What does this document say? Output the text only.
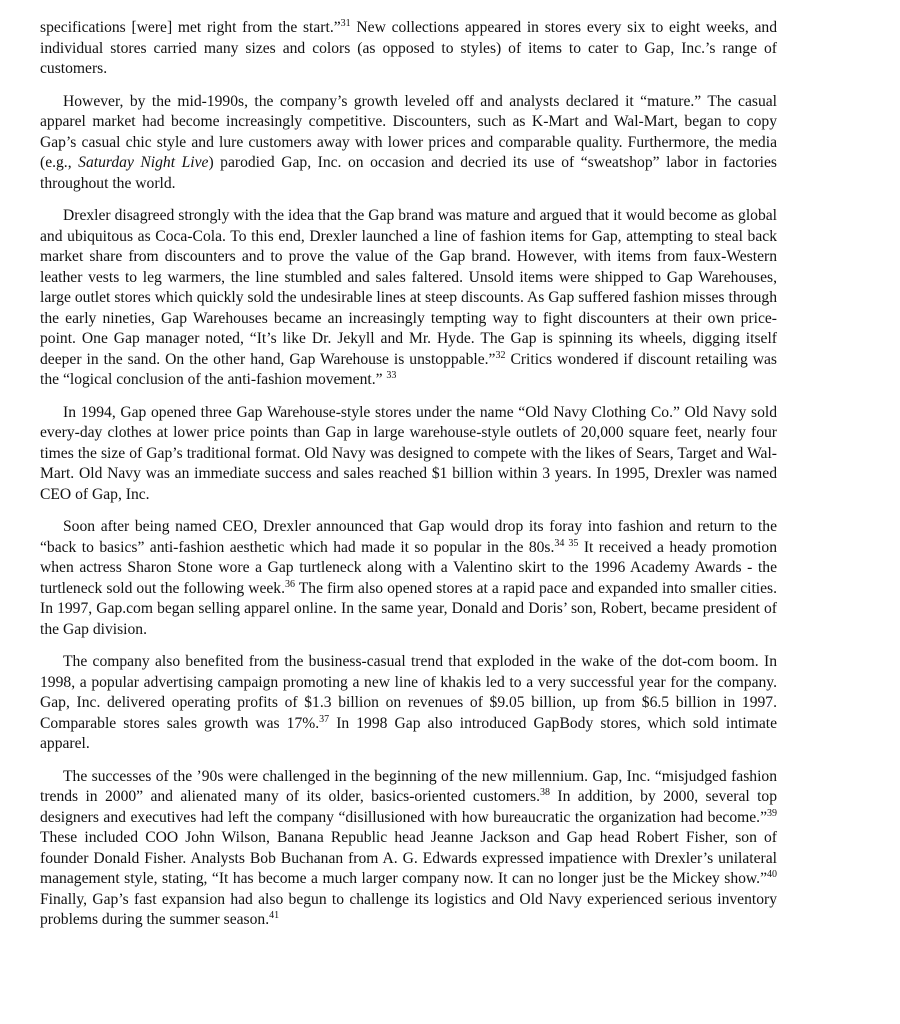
specifications [were] met right from the start.”$^{31}$ New collections appeared in stores every six to eight weeks, and individual stores carried many sizes and colors (as opposed to styles) of items to cater to Gap, Inc.’s range of customers.

However, by the mid-1990s, the company’s growth leveled off and analysts declared it “mature.” The casual apparel market had become increasingly competitive. Discounters, such as K-Mart and Wal-Mart, began to copy Gap’s casual chic style and lure customers away with lower prices and comparable quality. Furthermore, the media (e.g., Saturday Night Live) parodied Gap, Inc. on occasion and decried its use of “sweatshop” labor in factories throughout the world.

Drexler disagreed strongly with the idea that the Gap brand was mature and argued that it would become as global and ubiquitous as Coca-Cola. To this end, Drexler launched a line of fashion items for Gap, attempting to steal back market share from discounters and to prove the value of the Gap brand. However, with items from faux-Western leather vests to leg warmers, the line stumbled and sales faltered. Unsold items were shipped to Gap Warehouses, large outlet stores which quickly sold the undesirable lines at steep discounts. As Gap suffered fashion misses through the early nineties, Gap Warehouses became an increasingly tempting way to fight discounters at their own price-point. One Gap manager noted, “It’s like Dr. Jekyll and Mr. Hyde. The Gap is spinning its wheels, digging itself deeper in the sand. On the other hand, Gap Warehouse is unstoppable.”$^{32}$ Critics wondered if discount retailing was the “logical conclusion of the anti-fashion movement.” $^{33}$

In 1994, Gap opened three Gap Warehouse-style stores under the name “Old Navy Clothing Co.” Old Navy sold every-day clothes at lower price points than Gap in large warehouse-style outlets of 20,000 square feet, nearly four times the size of Gap’s traditional format. Old Navy was designed to compete with the likes of Sears, Target and Wal-Mart. Old Navy was an immediate success and sales reached $1 billion within 3 years. In 1995, Drexler was named CEO of Gap, Inc.

Soon after being named CEO, Drexler announced that Gap would drop its foray into fashion and return to the “back to basics” anti-fashion aesthetic which had made it so popular in the 80s.$^{34 35}$ It received a heady promotion when actress Sharon Stone wore a Gap turtleneck along with a Valentino skirt to the 1996 Academy Awards - the turtleneck sold out the following week.$^{36}$ The firm also opened stores at a rapid pace and expanded into smaller cities. In 1997, Gap.com began selling apparel online. In the same year, Donald and Doris’ son, Robert, became president of the Gap division.

The company also benefited from the business-casual trend that exploded in the wake of the dot-com boom. In 1998, a popular advertising campaign promoting a new line of khakis led to a very successful year for the company. Gap, Inc. delivered operating profits of $1.3 billion on revenues of $9.05 billion, up from $6.5 billion in 1997. Comparable stores sales growth was 17%.$^{37}$ In 1998 Gap also introduced GapBody stores, which sold intimate apparel.

The successes of the ’90s were challenged in the beginning of the new millennium. Gap, Inc. “misjudged fashion trends in 2000” and alienated many of its older, basics-oriented customers.$^{38}$ In addition, by 2000, several top designers and executives had left the company “disillusioned with how bureaucratic the organization had become.”$^{39}$ These included COO John Wilson, Banana Republic head Jeanne Jackson and Gap head Robert Fisher, son of founder Donald Fisher. Analysts Bob Buchanan from A. G. Edwards expressed impatience with Drexler’s unilateral management style, stating, “It has become a much larger company now. It can no longer just be the Mickey show.”$^{40}$ Finally, Gap’s fast expansion had also begun to challenge its logistics and Old Navy experienced serious inventory problems during the summer season.$^{41}$
